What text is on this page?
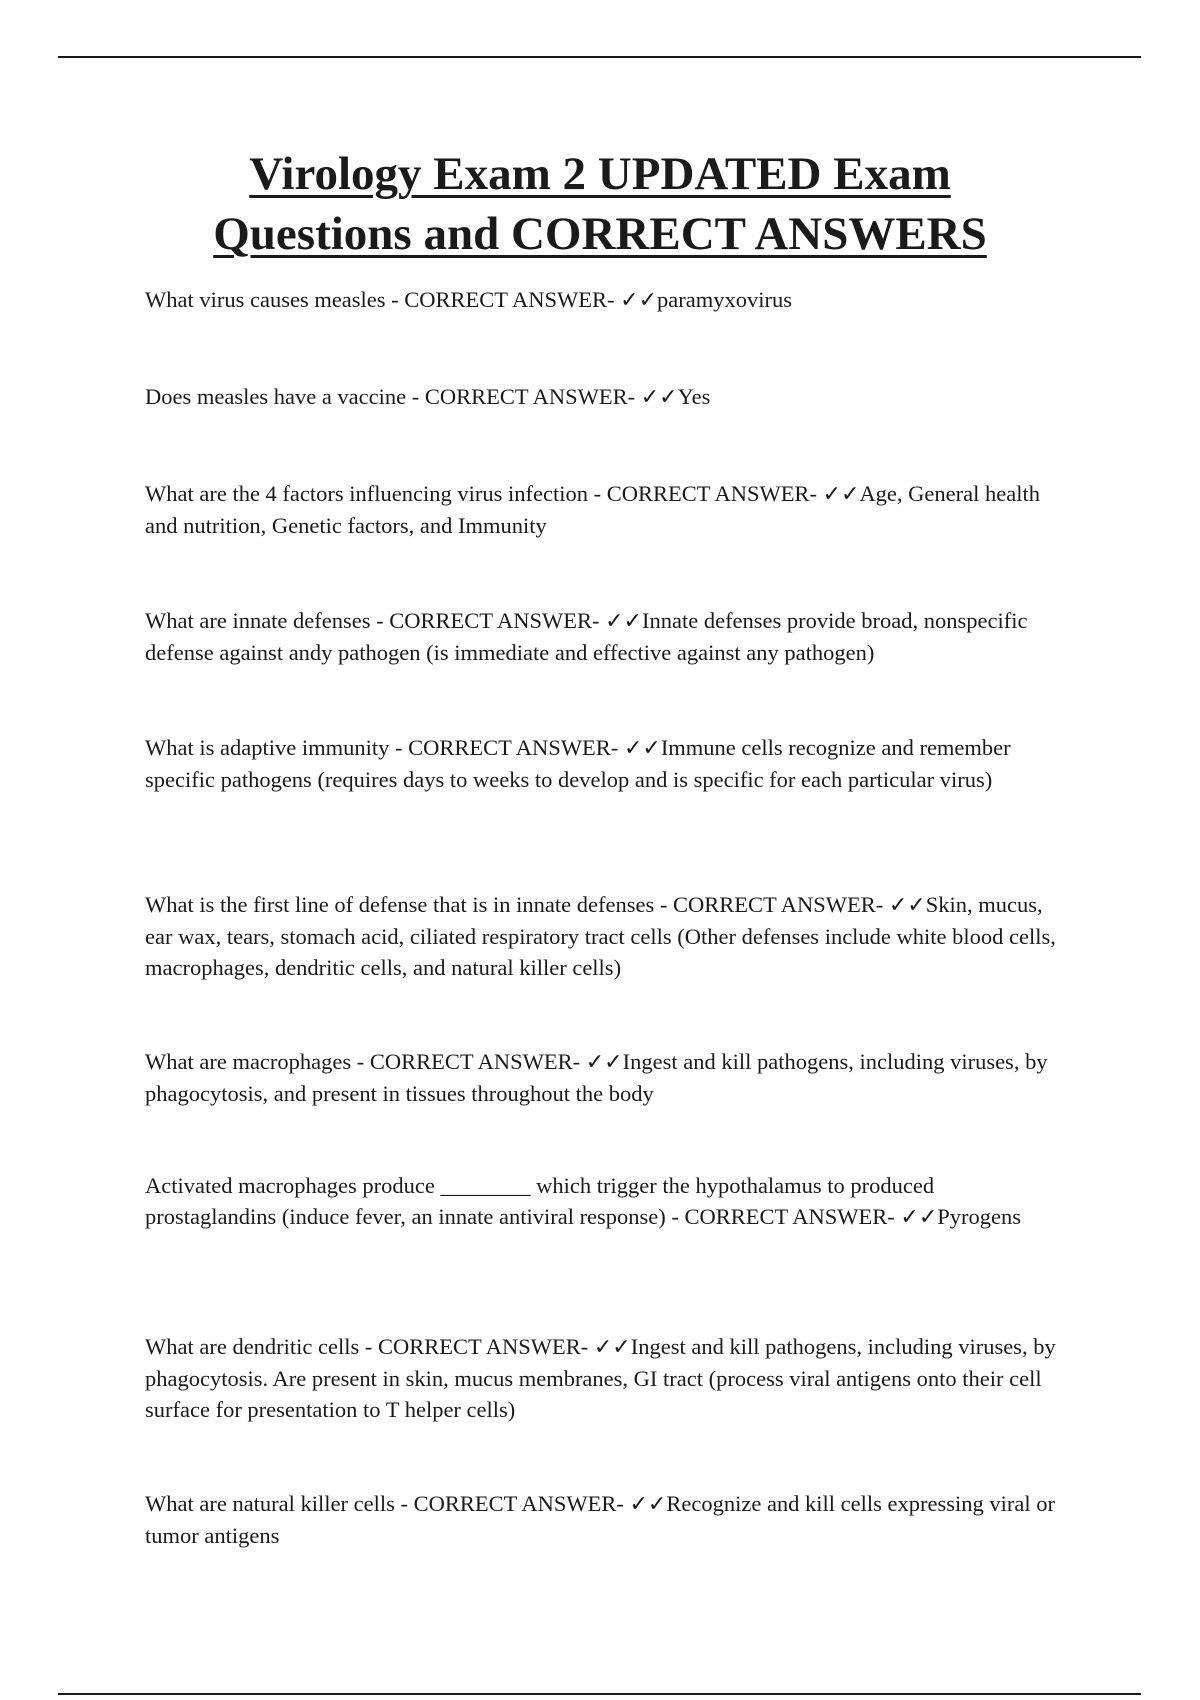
Virology Exam 2 UPDATED Exam
Questions and CORRECT ANSWERS

What virus causes measles - CORRECT ANSWER- ✓✓paramyxovirus

Does measles have a vaccine - CORRECT ANSWER- ✓✓Yes

What are the 4 factors influencing virus infection - CORRECT ANSWER- ✓✓Age, General health and nutrition, Genetic factors, and Immunity

What are innate defenses - CORRECT ANSWER- ✓✓Innate defenses provide broad, nonspecific defense against andy pathogen (is immediate and effective against any pathogen)

What is adaptive immunity - CORRECT ANSWER- ✓✓Immune cells recognize and remember specific pathogens (requires days to weeks to develop and is specific for each particular virus)

What is the first line of defense that is in innate defenses - CORRECT ANSWER- ✓✓Skin, mucus, ear wax, tears, stomach acid, ciliated respiratory tract cells (Other defenses include white blood cells, macrophages, dendritic cells, and natural killer cells)

What are macrophages - CORRECT ANSWER- ✓✓Ingest and kill pathogens, including viruses, by phagocytosis, and present in tissues throughout the body

Activated macrophages produce ________ which trigger the hypothalamus to produced prostaglandins (induce fever, an innate antiviral response) - CORRECT ANSWER- ✓✓Pyrogens

What are dendritic cells - CORRECT ANSWER- ✓✓Ingest and kill pathogens, including viruses, by phagocytosis. Are present in skin, mucus membranes, GI tract (process viral antigens onto their cell surface for presentation to T helper cells)

What are natural killer cells - CORRECT ANSWER- ✓✓Recognize and kill cells expressing viral or tumor antigens
